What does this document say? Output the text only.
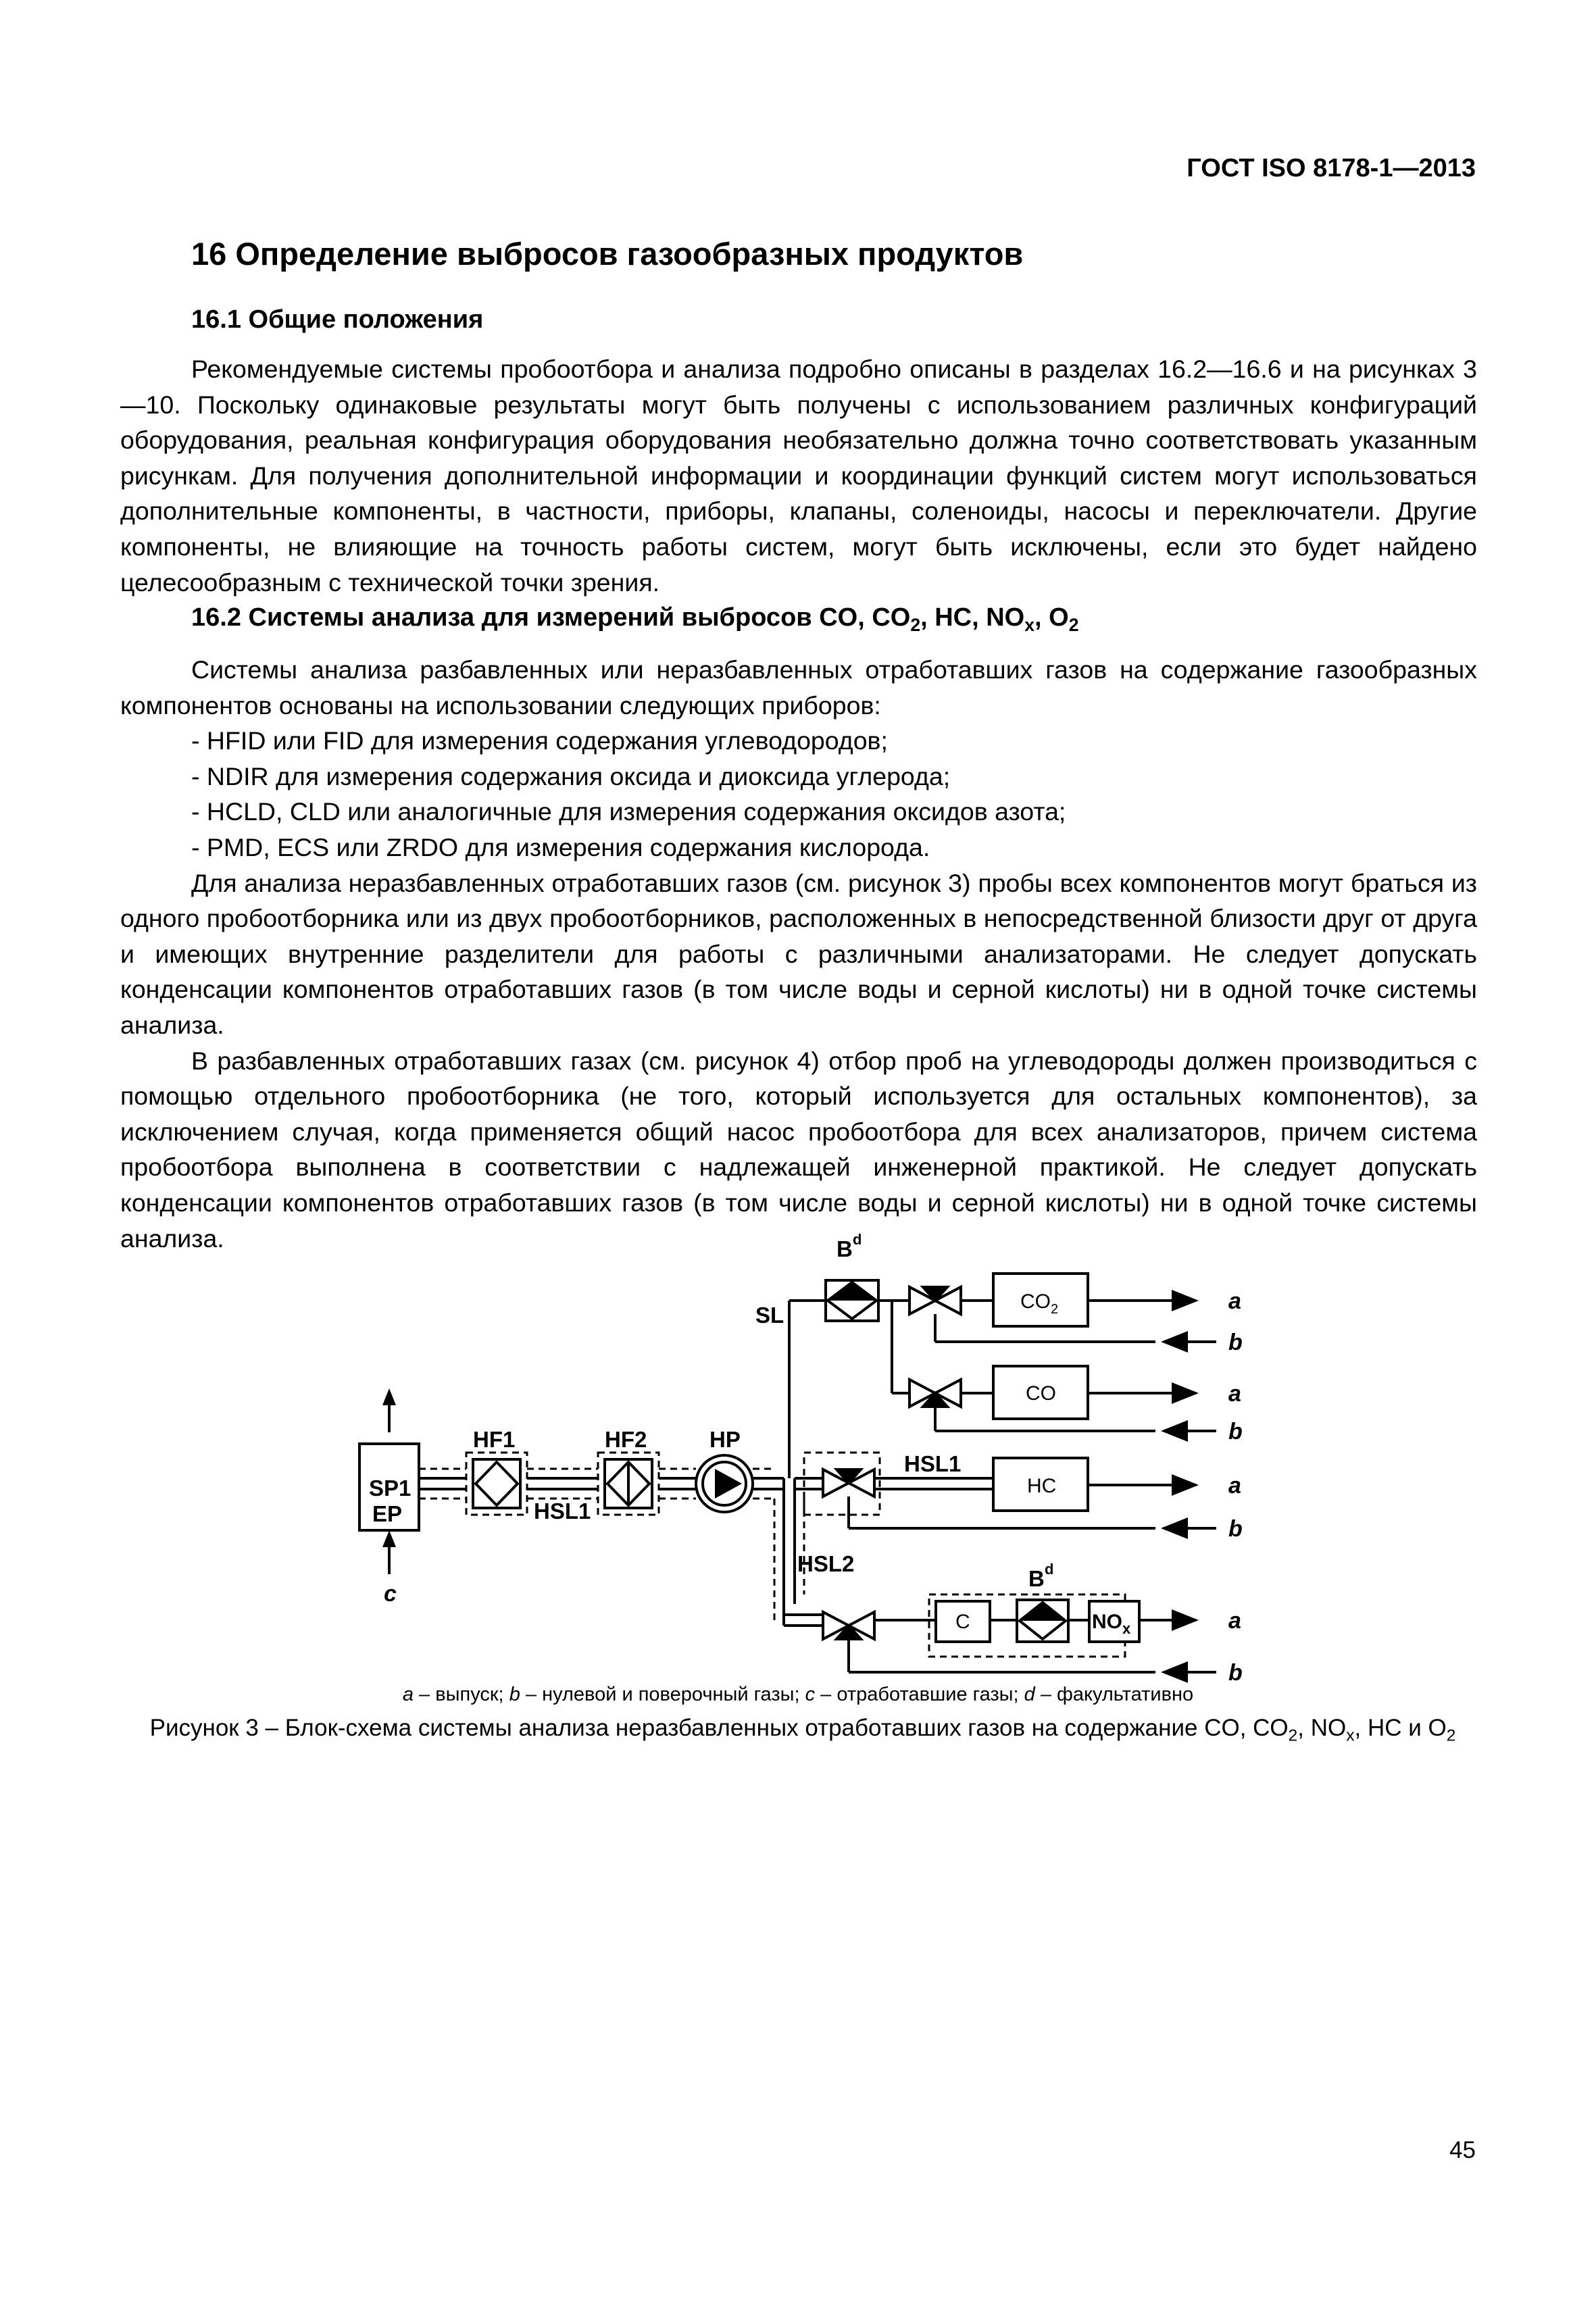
ГОСТ ISO 8178-1—2013
16 Определение выбросов газообразных продуктов
16.1 Общие положения

Рекомендуемые системы пробоотбора и анализа подробно описаны в разделах 16.2—16.6 и на рисунках 3—10. Поскольку одинаковые результаты могут быть получены с использованием различных конфигураций оборудования, реальная конфигурация оборудования необязательно должна точно соответствовать указанным рисункам. Для получения дополнительной информации и координации функций систем могут использоваться дополнительные компоненты, в частности, приборы, клапаны, соленоиды, насосы и переключатели. Другие компоненты, не влияющие на точность работы систем, могут быть исключены, если это будет найдено целесообразным с технической точки зрения.

16.2 Системы анализа для измерений выбросов CO, $CO_2$, HC, $NO_x$, $O_2$

Системы анализа разбавленных или неразбавленных отработавших газов на содержание газообразных компонентов основаны на использовании следующих приборов:

- HFID или FID для измерения содержания углеводородов;

- NDIR для измерения содержания оксида и диоксида углерода;

- HCLD, CLD или аналогичные для измерения содержания оксидов азота;

- PMD, ECS или ZRDO для измерения содержания кислорода.

Для анализа неразбавленных отработавших газов (см. рисунок 3) пробы всех компонентов могут браться из одного пробоотборника или из двух пробоотборников, расположенных в непосредственной близости друг от друга и имеющих внутренние разделители для работы с различными анализаторами. Не следует допускать конденсации компонентов отработавших газов (в том числе воды и серной кислоты) ни в одной точке системы анализа.

В разбавленных отработавших газах (см. рисунок 4) отбор проб на углеводороды должен производиться с помощью отдельного пробоотборника (не того, который используется для остальных компонентов), за исключением случая, когда применяется общий насос пробоотбора для всех анализаторов, причем система пробоотбора выполнена в соответствии с надлежащей инженерной практикой. Не следует допускать конденсации компонентов отработавших газов (в том числе воды и серной кислоты) ни в одной точке системы анализа.	B d
SL
HF1	HF2	HP
HSL1
HSL1
HSL2
SP1
EP
B d
$CO_2$
CO
HC
C	$NO_x$
c
a
b
a
b
a
b
a
b
a – выпуск; b – нулевой и поверочный газы; c – отработавшие газы; d – факультативно
Рисунок 3 – Блок-схема системы анализа неразбавленных отработавших газов на содержание CO, $CO_2$, $NO_x$, HC и $O_2$
45
